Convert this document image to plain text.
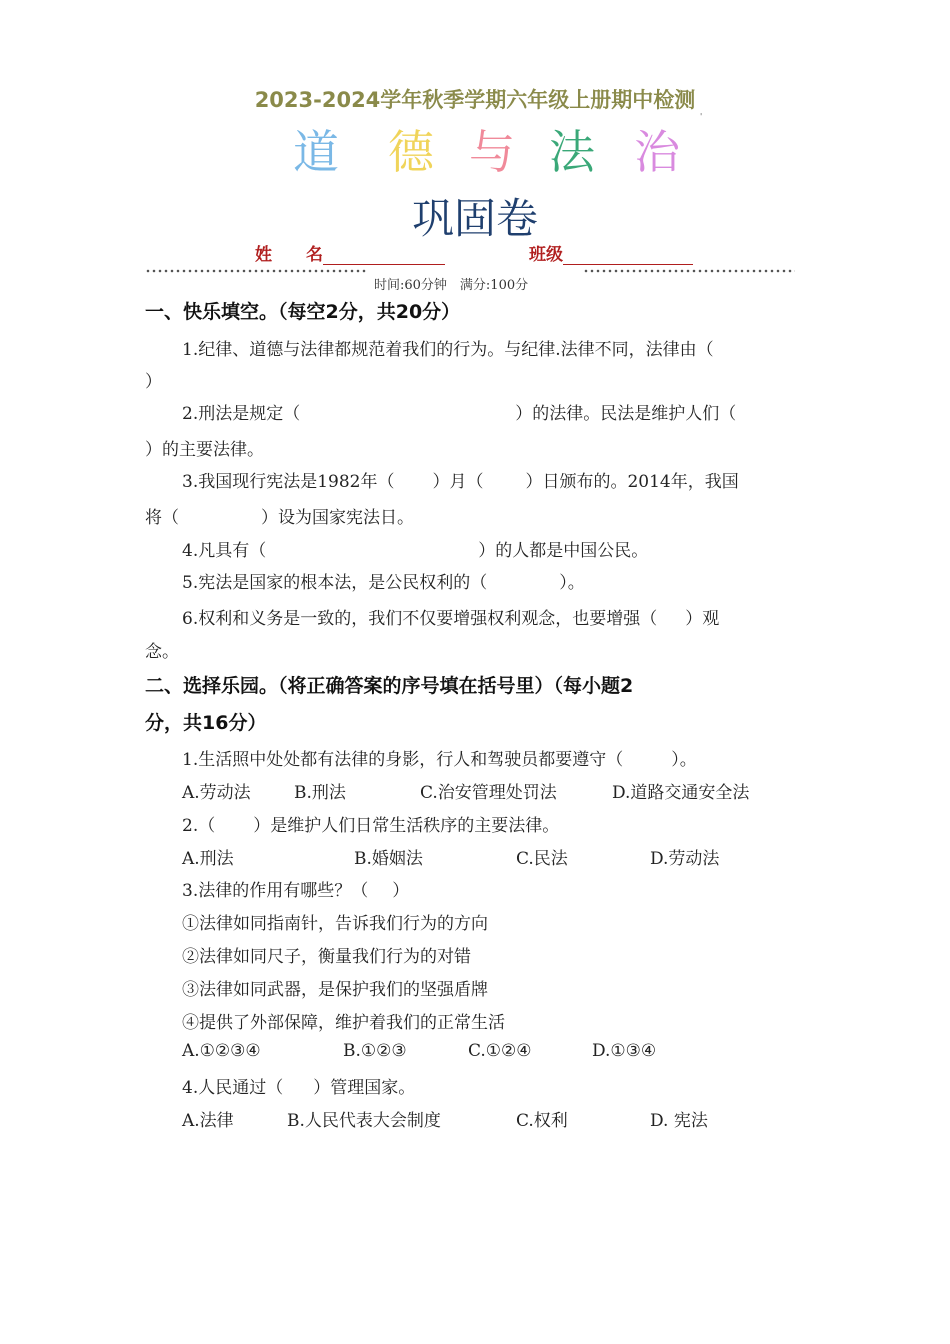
2023-2024学年秋季学期六年级上册期中检测
道 德 与 法 治
'
巩固卷
姓　　名	班级
时间:60分钟　满分:100分
一、快乐填空。（每空2分，共20分）
1.纪律、道德与法律都规范着我们的行为。与纪律.法律不同，法律由（
）
2.刑法是规定（	）的法律。民法是维护人们（
）的主要法律。
3.我国现行宪法是1982年（ ）月（ ）日颁布的。2014年，我国
将（	）设为国家宪法日。
4.凡具有（	）的人都是中国公民。
5.宪法是国家的根本法，是公民权利的（	）。
6.权利和义务是一致的，我们不仅要增强权利观念，也要增强（ ）观
念。
二、选择乐园。（将正确答案的序号填在括号里）（每小题2
分，共16分）
1.生活照中处处都有法律的身影，行人和驾驶员都要遵守（	）。
A.劳动法	B.刑法	C.治安管理处罚法	D.道路交通安全法
2.（ ）是维护人们日常生活秩序的主要法律。
A.刑法	B.婚姻法	C.民法	D.劳动法
3.法律的作用有哪些？（ ）
①法律如同指南针，告诉我们行为的方向
②法律如同尺子，衡量我们行为的对错
③法律如同武器，是保护我们的坚强盾牌
④提供了外部保障，维护着我们的正常生活
A.①②③④	B.①②③	C.①②④	D.①③④
4.人民通过（ ）管理国家。
A.法律	B.人民代表大会制度	C.权利	D. 宪法
